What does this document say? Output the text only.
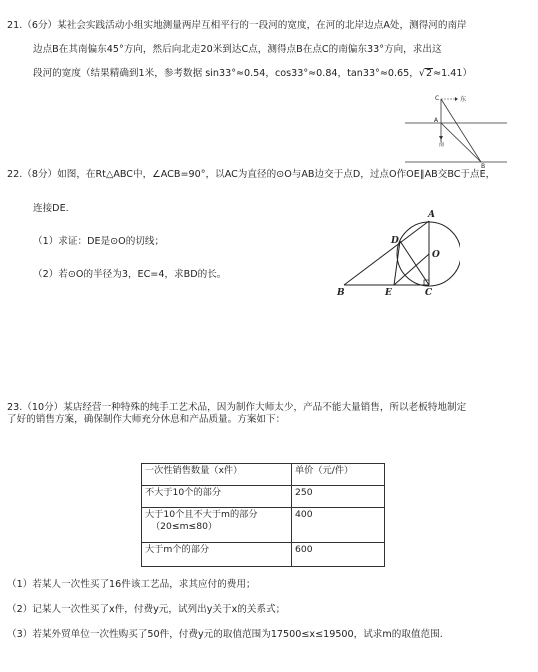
21.（6分）某社会实践活动小组实地测量两岸互相平行的一段河的宽度，在河的北岸边点A处，测得河的南岸
边点B在其南偏东45°方向，然后向北走20米到达C点，测得点B在点C的南偏东33°方向，求出这
段河的宽度（结果精确到1米，参考数据 sin33°≈0.54，cos33°≈0.84，tan33°≈0.65，√2≈1.41）
C
A
B
东
南
22.（8分）如图，在Rt△ABC中，∠ACB=90°，以AC为直径的⊙O与AB边交于点D，过点O作OE∥AB交BC于点E，
连接DE.
（1）求证：DE是⊙O的切线；
（2）若⊙O的半径为3，EC=4，求BD的长。
A
D
O
B	E	C
23.（10分）某店经营一种特殊的纯手工艺术品，因为制作大师太少，产品不能大量销售，所以老板特地制定
了好的销售方案，确保制作大师充分休息和产品质量。方案如下：
一次性销售数量（x件）	单价（元/件）
不大于10个的部分	250

大于10个且不大于m的部分
（20≤m≤80）	400
大于m个的部分	600
（1）若某人一次性买了16件该工艺品，求其应付的费用；
（2）记某人一次性买了x件，付费y元，试列出y关于x的关系式；
（3）若某外贸单位一次性购买了50件，付费y元的取值范围为17500≤x≤19500，试求m的取值范围.
